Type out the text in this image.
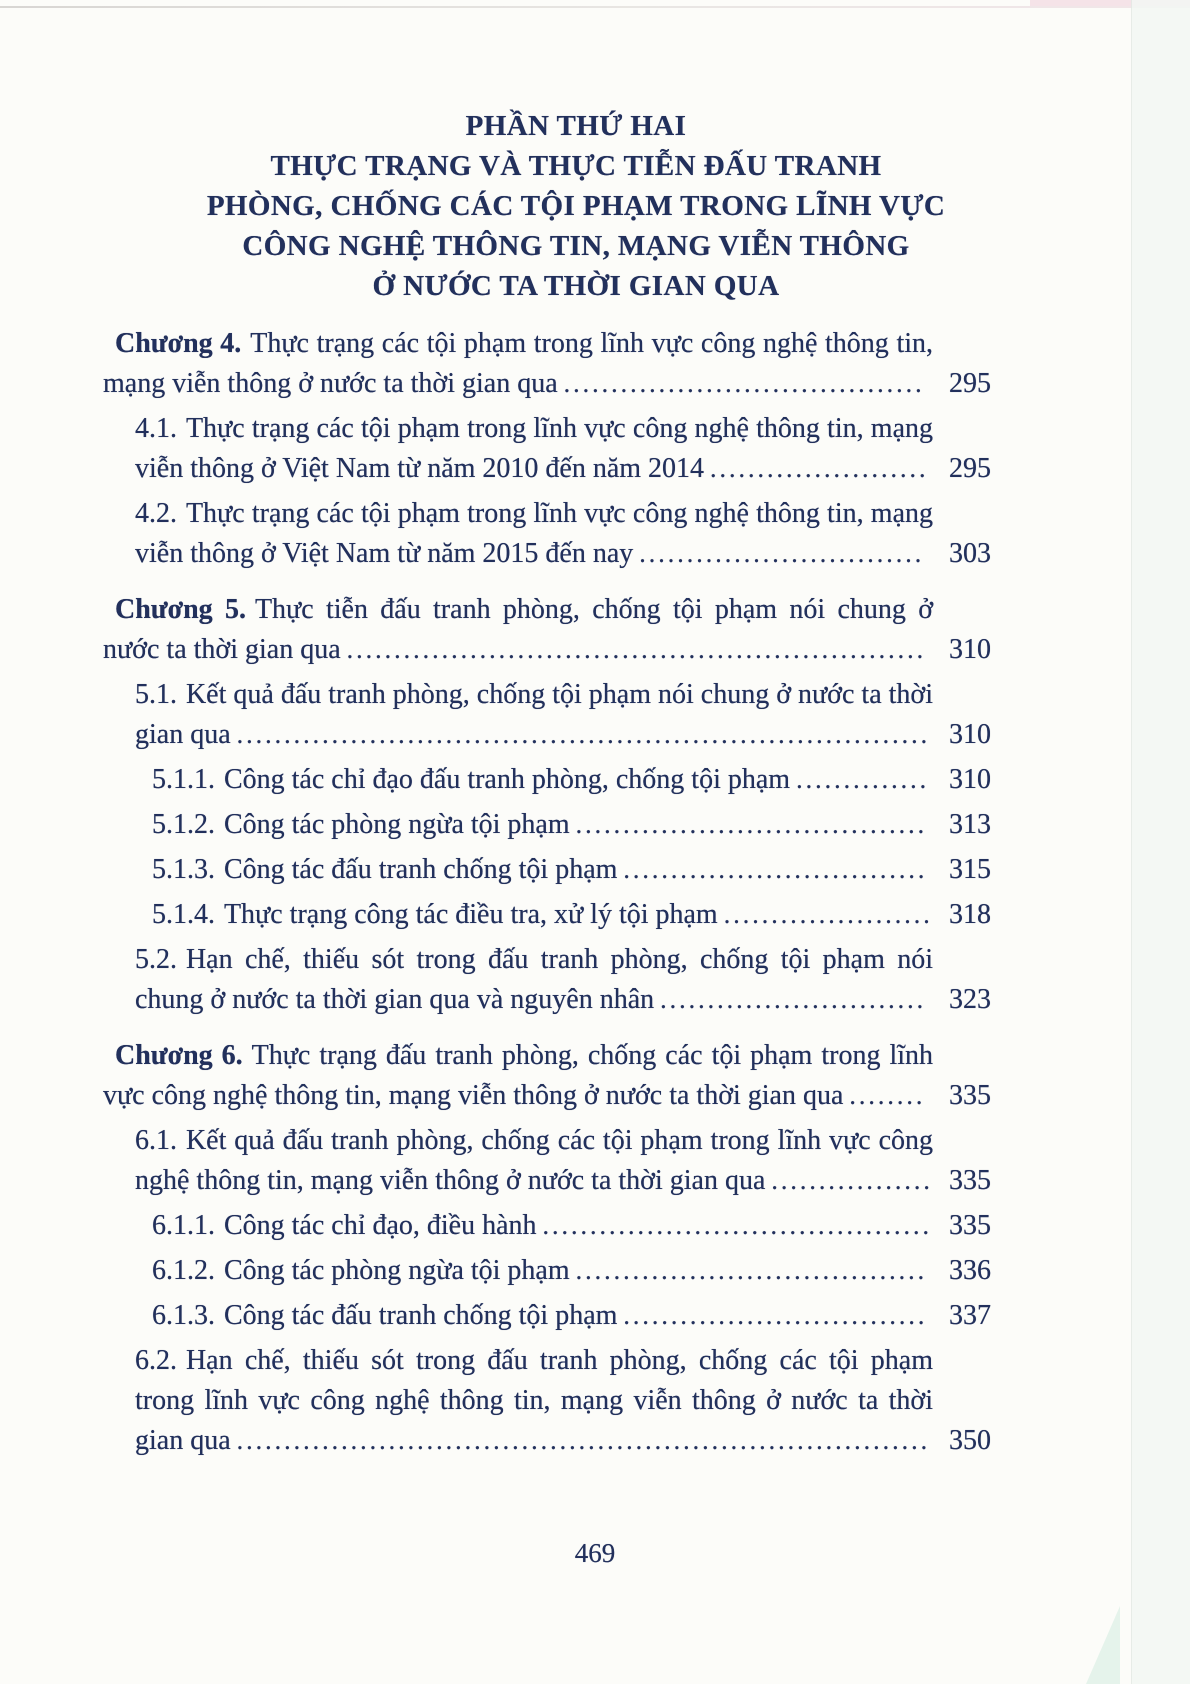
PHẦN THỨ HAI
THỰC TRẠNG VÀ THỰC TIỄN ĐẤU TRANH
PHÒNG, CHỐNG CÁC TỘI PHẠM TRONG LĨNH VỰC
CÔNG NGHỆ THÔNG TIN, MẠNG VIỄN THÔNG
Ở NƯỚC TA THỜI GIAN QUA
Chương 4. Thực trạng các tội phạm trong lĩnh vực công nghệ thông tin, mạng viễn thông ở nước ta thời gian qua ...................................... 295
4.1. Thực trạng các tội phạm trong lĩnh vực công nghệ thông tin, mạng viễn thông ở Việt Nam từ năm 2010 đến năm 2014 ....................... 295
4.2. Thực trạng các tội phạm trong lĩnh vực công nghệ thông tin, mạng viễn thông ở Việt Nam từ năm 2015 đến nay .............................. 303
Chương 5. Thực tiễn đấu tranh phòng, chống tội phạm nói chung ở nước ta thời gian qua ............................................................. 310
5.1. Kết quả đấu tranh phòng, chống tội phạm nói chung ở nước ta thời gian qua ......................................................................... 310
5.1.1. Công tác chỉ đạo đấu tranh phòng, chống tội phạm .............. 310
5.1.2. Công tác phòng ngừa tội phạm ..................................... 313
5.1.3. Công tác đấu tranh chống tội phạm ................................ 315
5.1.4. Thực trạng công tác điều tra, xử lý tội phạm ...................... 318
5.2. Hạn chế, thiếu sót trong đấu tranh phòng, chống tội phạm nói chung ở nước ta thời gian qua và nguyên nhân ............................ 323
Chương 6. Thực trạng đấu tranh phòng, chống các tội phạm trong lĩnh vực công nghệ thông tin, mạng viễn thông ở nước ta thời gian qua ........ 335
6.1. Kết quả đấu tranh phòng, chống các tội phạm trong lĩnh vực công nghệ thông tin, mạng viễn thông ở nước ta thời gian qua ................. 335
6.1.1. Công tác chỉ đạo, điều hành ......................................... 335
6.1.2. Công tác phòng ngừa tội phạm ..................................... 336
6.1.3. Công tác đấu tranh chống tội phạm ................................ 337
6.2. Hạn chế, thiếu sót trong đấu tranh phòng, chống các tội phạm trong lĩnh vực công nghệ thông tin, mạng viễn thông ở nước ta thời gian qua ......................................................................... 350
469
